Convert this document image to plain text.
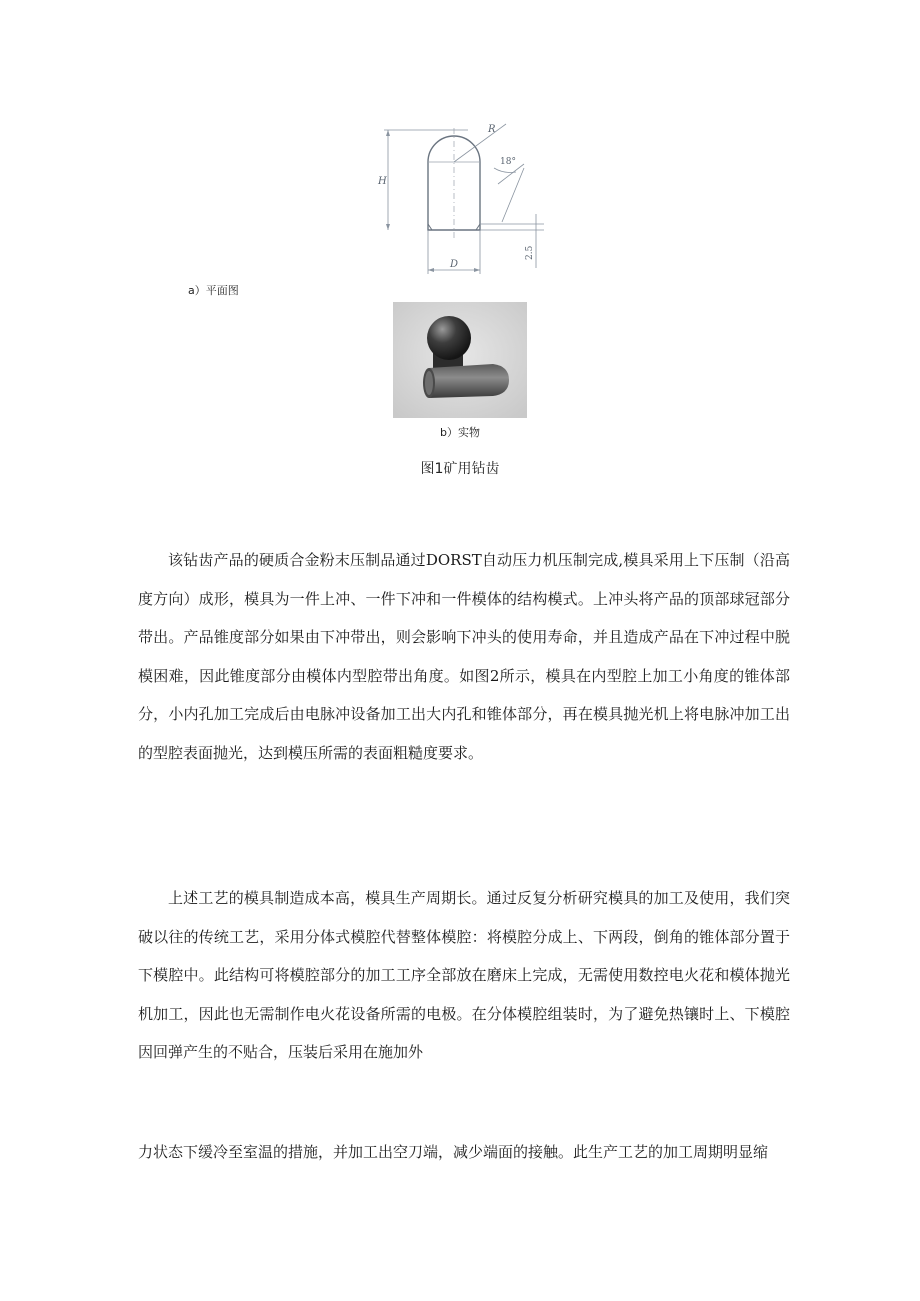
R
18°
H
D
2.5
a）平面图
b）实物
图1矿用钻齿

该钻齿产品的硬质合金粉末压制品通过DORST自动压力机压制完成,模具采用上下压制（沿高度方向）成形，模具为一件上冲、一件下冲和一件模体的结构模式。上冲头将产品的顶部球冠部分带出。产品锥度部分如果由下冲带出，则会影响下冲头的使用寿命，并且造成产品在下冲过程中脱模困难，因此锥度部分由模体内型腔带出角度。如图2所示，模具在内型腔上加工小角度的锥体部分，小内孔加工完成后由电脉冲设备加工出大内孔和锥体部分，再在模具抛光机上将电脉冲加工出的型腔表面抛光，达到模压所需的表面粗糙度要求。

上述工艺的模具制造成本高，模具生产周期长。通过反复分析研究模具的加工及使用，我们突破以往的传统工艺，采用分体式模腔代替整体模腔：将模腔分成上、下两段，倒角的锥体部分置于下模腔中。此结构可将模腔部分的加工工序全部放在磨床上完成，无需使用数控电火花和模体抛光机加工，因此也无需制作电火花设备所需的电极。在分体模腔组装时，为了避免热镶时上、下模腔因回弹产生的不贴合，压装后采用在施加外

力状态下缓冷至室温的措施，并加工出空刀端，减少端面的接触。此生产工艺的加工周期明显缩
